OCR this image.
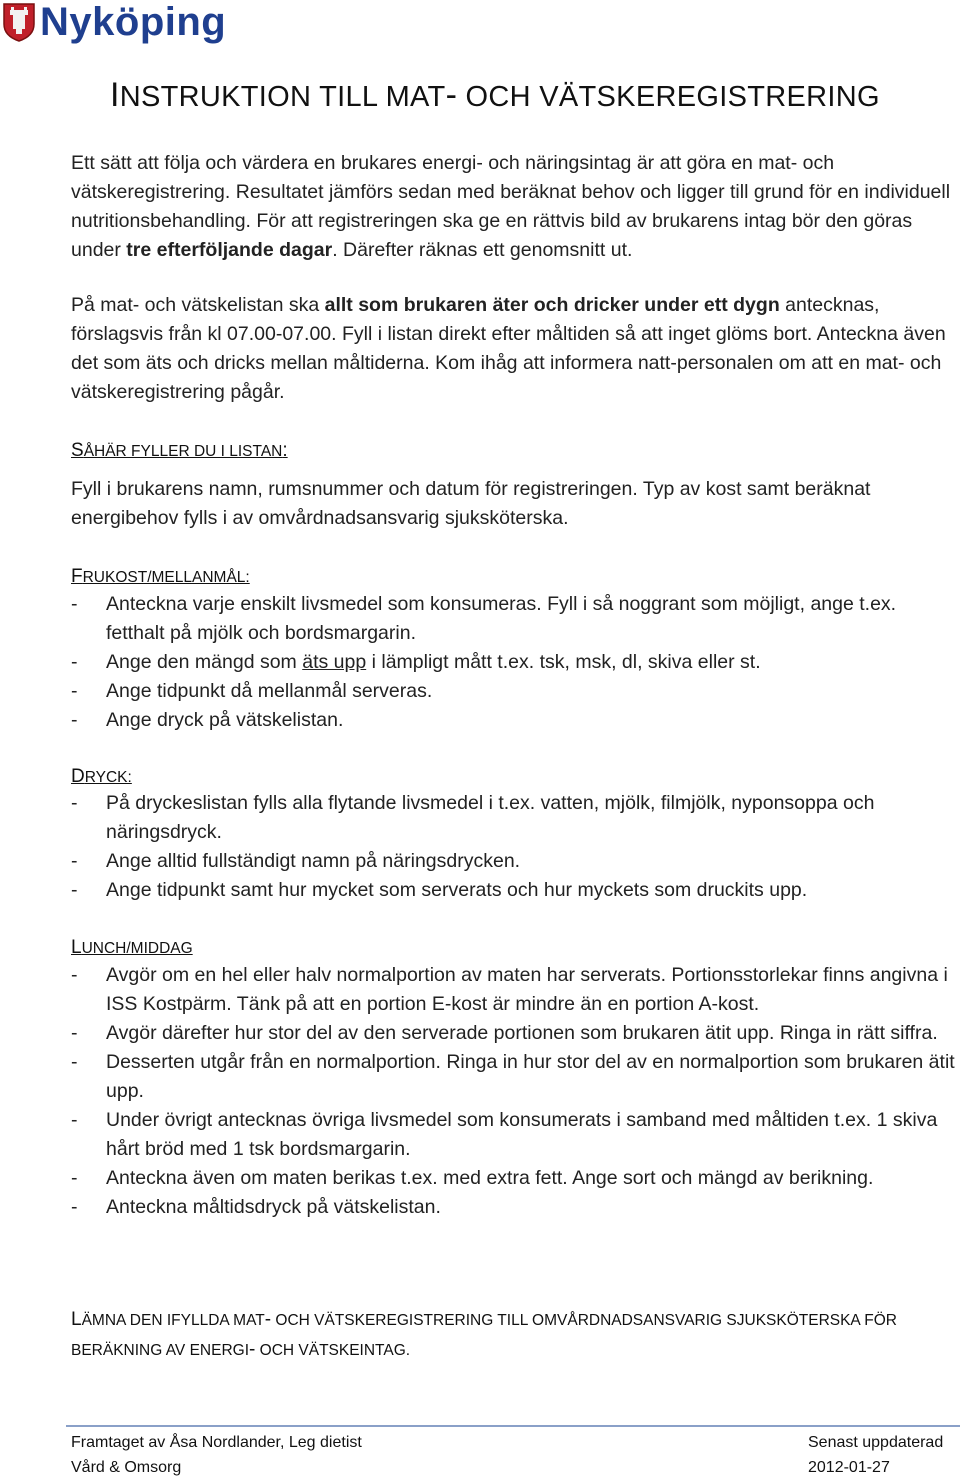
Nyköping
INSTRUKTION TILL MAT- OCH VÄTSKEREGISTRERING
Ett sätt att följa och värdera en brukares energi- och näringsintag är att göra en mat- och vätskeregistrering. Resultatet jämförs sedan med beräknat behov och ligger till grund för en individuell nutritionsbehandling. För att registreringen ska ge en rättvis bild av brukarens intag bör den göras under tre efterföljande dagar. Därefter räknas ett genomsnitt ut.
På mat- och vätskelistan ska allt som brukaren äter och dricker under ett dygn antecknas, förslagsvis från kl 07.00-07.00. Fyll i listan direkt efter måltiden så att inget glöms bort. Anteckna även det som äts och dricks mellan måltiderna. Kom ihåg att informera natt-personalen om att en mat- och vätskeregistrering pågår.
SÅHÄR FYLLER DU I LISTAN:
Fyll i brukarens namn, rumsnummer och datum för registreringen. Typ av kost samt beräknat energibehov fylls i av omvårdnadsansvarig sjuksköterska.
FRUKOST/MELLANMÅL:
- Anteckna varje enskilt livsmedel som konsumeras. Fyll i så noggrant som möjligt, ange t.ex. fetthalt på mjölk och bordsmargarin.
- Ange den mängd som äts upp i lämpligt mått t.ex. tsk, msk, dl, skiva eller st.
- Ange tidpunkt då mellanmål serveras.
- Ange dryck på vätskelistan.
DRYCK:
- På dryckeslistan fylls alla flytande livsmedel i t.ex. vatten, mjölk, filmjölk, nyponsoppa och näringsdryck.
- Ange alltid fullständigt namn på näringsdrycken.
- Ange tidpunkt samt hur mycket som serverats och hur myckets som druckits upp.
LUNCH/MIDDAG
- Avgör om en hel eller halv normalportion av maten har serverats. Portionsstorlekar finns angivna i ISS Kostpärm. Tänk på att en portion E-kost är mindre än en portion A-kost.
- Avgör därefter hur stor del av den serverade portionen som brukaren ätit upp. Ringa in rätt siffra.
- Desserten utgår från en normalportion. Ringa in hur stor del av en normalportion som brukaren ätit upp.
- Under övrigt antecknas övriga livsmedel som konsumerats i samband med måltiden t.ex. 1 skiva hårt bröd med 1 tsk bordsmargarin.
- Anteckna även om maten berikas t.ex. med extra fett. Ange sort och mängd av berikning.
- Anteckna måltidsdryck på vätskelistan.
LÄMNA DEN IFYLLDA MAT- OCH VÄTSKEREGISTRERING TILL OMVÅRDNADSANSVARIG SJUKSKÖTERSKA FÖR
BERÄKNING AV ENERGI- OCH VÄTSKEINTAG.
Framtaget av Åsa Nordlander, Leg dietist
Vård & Omsorg
Senast uppdaterad
2012-01-27
